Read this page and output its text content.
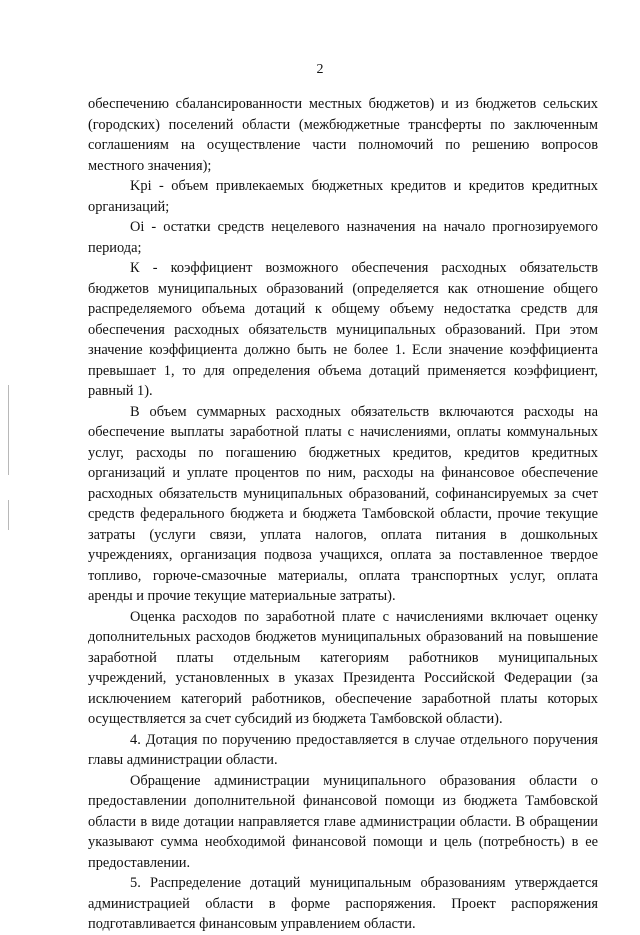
2

обеспечению сбалансированности местных бюджетов) и из бюджетов сельских (городских) поселений области (межбюджетные трансферты по заключенным соглашениям на осуществление части полномочий по решению вопросов местного значения);

Kpi - объем привлекаемых бюджетных кредитов и кредитов кредитных организаций;

Oi - остатки средств нецелевого назначения на начало прогнозируемого периода;

К - коэффициент возможного обеспечения расходных обязательств бюджетов муниципальных образований (определяется как отношение общего распределяемого объема дотаций к общему объему недостатка средств для обеспечения расходных обязательств муниципальных образований. При этом значение коэффициента должно быть не более 1. Если значение коэффициента превышает 1, то для определения объема дотаций применяется коэффициент, равный 1).

В объем суммарных расходных обязательств включаются расходы на обеспечение выплаты заработной платы с начислениями, оплаты коммунальных услуг, расходы по погашению бюджетных кредитов, кредитов кредитных организаций и уплате процентов по ним, расходы на финансовое обеспечение расходных обязательств муниципальных образований, софинансируемых за счет средств федерального бюджета и бюджета Тамбовской области, прочие текущие затраты (услуги связи, уплата налогов, оплата питания в дошкольных учреждениях, организация подвоза учащихся, оплата за поставленное твердое топливо, горюче-смазочные материалы, оплата транспортных услуг, оплата аренды и прочие текущие материальные затраты).

Оценка расходов по заработной плате с начислениями включает оценку дополнительных расходов бюджетов муниципальных образований на повышение заработной платы отдельным категориям работников муниципальных учреждений, установленных в указах Президента Российской Федерации (за исключением категорий работников, обеспечение заработной платы которых осуществляется за счет субсидий из бюджета Тамбовской области).

4. Дотация по поручению предоставляется в случае отдельного поручения главы администрации области.

Обращение администрации муниципального образования области о предоставлении дополнительной финансовой помощи из бюджета Тамбовской области в виде дотации направляется главе администрации области. В обращении указывают сумма необходимой финансовой помощи и цель (потребность) в ее предоставлении.

5. Распределение дотаций муниципальным образованиям утверждается администрацией области в форме распоряжения. Проект распоряжения подготавливается финансовым управлением области.
